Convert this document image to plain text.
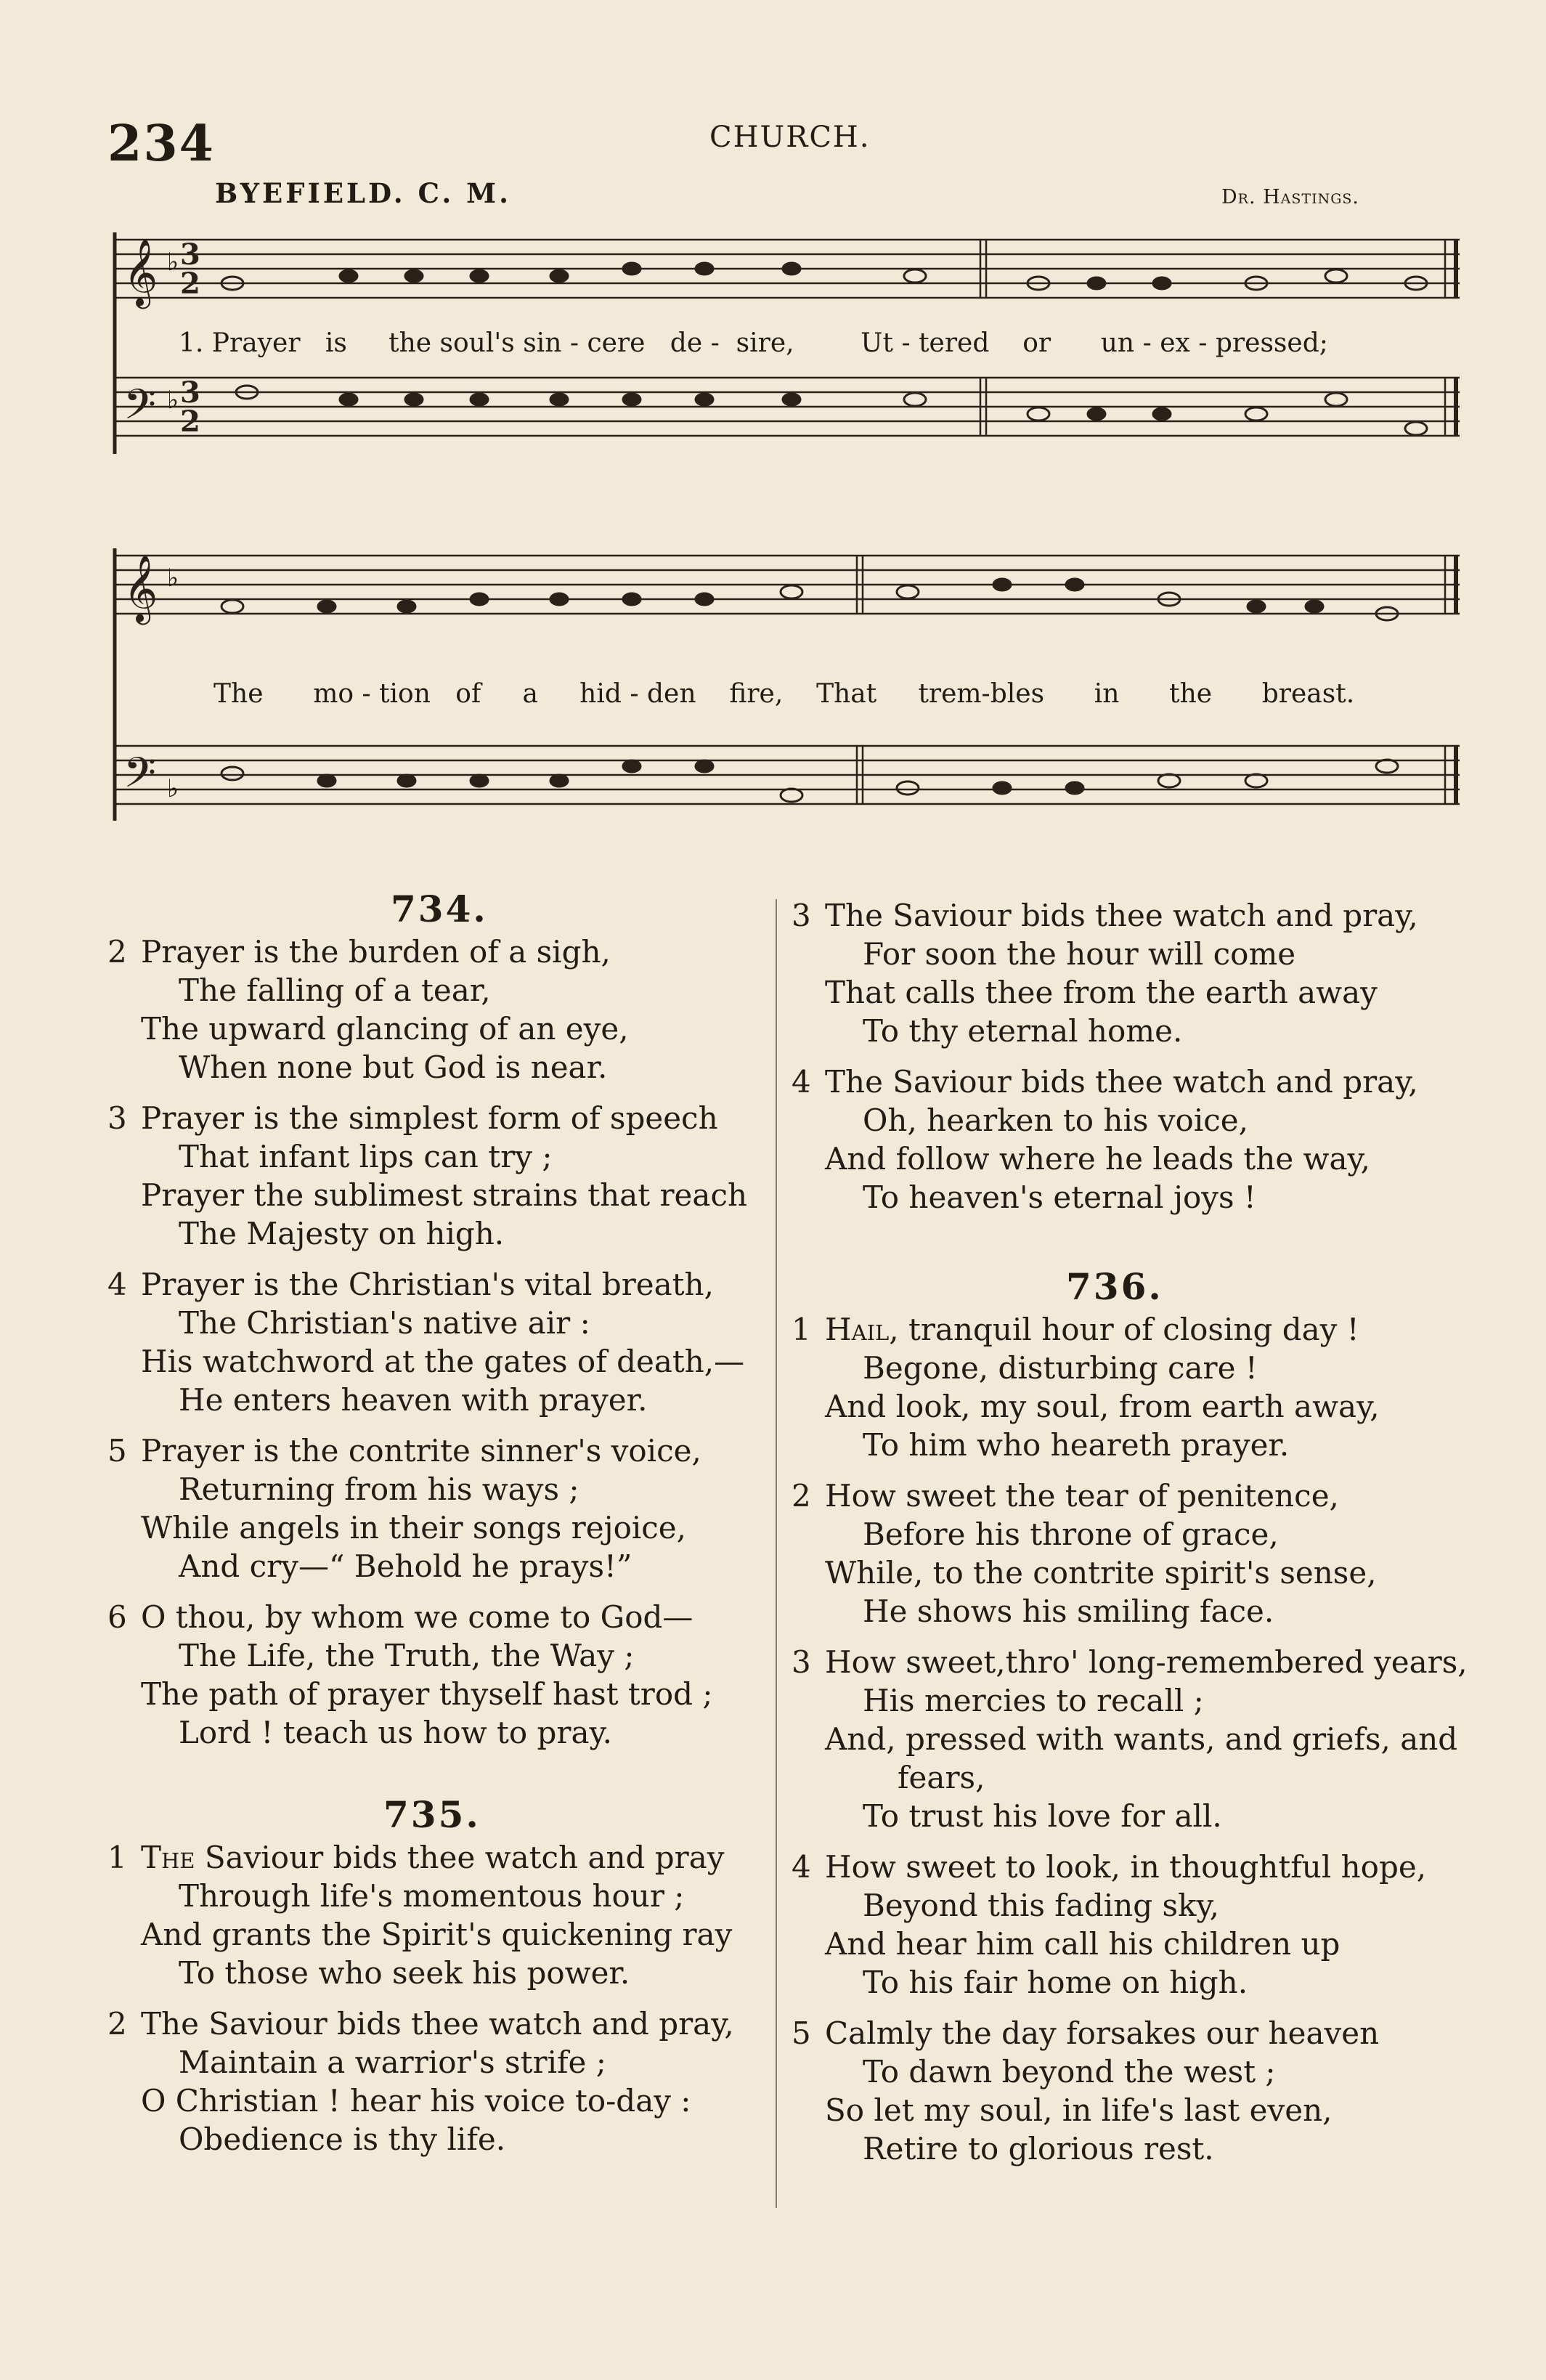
234	CHURCH.
BYEFIELD. C. M.	Dr. Hastings.
𝄞
𝄢
♭ 3
2
♭ 3
2
1. Prayer is the soul's sin - cere de - sire,	Ut - tered or un - ex - pressed;
𝄞
𝄢
♭
♭
The mo - tion of a hid - den fire, That trem-bles in the breast.
734.
2 Prayer is the burden of a sigh,
The falling of a tear,
The upward glancing of an eye,
When none but God is near.
3 Prayer is the simplest form of speech
That infant lips can try ;
Prayer the sublimest strains that reach
The Majesty on high.
4 Prayer is the Christian's vital breath,
The Christian's native air :
His watchword at the gates of death,—
He enters heaven with prayer.
5 Prayer is the contrite sinner's voice,
Returning from his ways ;
While angels in their songs rejoice,
And cry—“ Behold he prays!”
6 O thou, by whom we come to God—
The Life, the Truth, the Way ;
The path of prayer thyself hast trod ;
Lord ! teach us how to pray.
735.
1 The Saviour bids thee watch and pray
Through life's momentous hour ;
And grants the Spirit's quickening ray
To those who seek his power.
2 The Saviour bids thee watch and pray,
Maintain a warrior's strife ;
O Christian ! hear his voice to-day :
Obedience is thy life.
3 The Saviour bids thee watch and pray,
For soon the hour will come
That calls thee from the earth away
To thy eternal home.
4 The Saviour bids thee watch and pray,
Oh, hearken to his voice,
And follow where he leads the way,
To heaven's eternal joys !
736.
1 Hail, tranquil hour of closing day !
Begone, disturbing care !
And look, my soul, from earth away,
To him who heareth prayer.
2 How sweet the tear of penitence,
Before his throne of grace,
While, to the contrite spirit's sense,
He shows his smiling face.
3 How sweet,thro' long-remembered years,
His mercies to recall ;
And, pressed with wants, and griefs, and
fears,
To trust his love for all.
4 How sweet to look, in thoughtful hope,
Beyond this fading sky,
And hear him call his children up
To his fair home on high.
5 Calmly the day forsakes our heaven
To dawn beyond the west ;
So let my soul, in life's last even,
Retire to glorious rest.
